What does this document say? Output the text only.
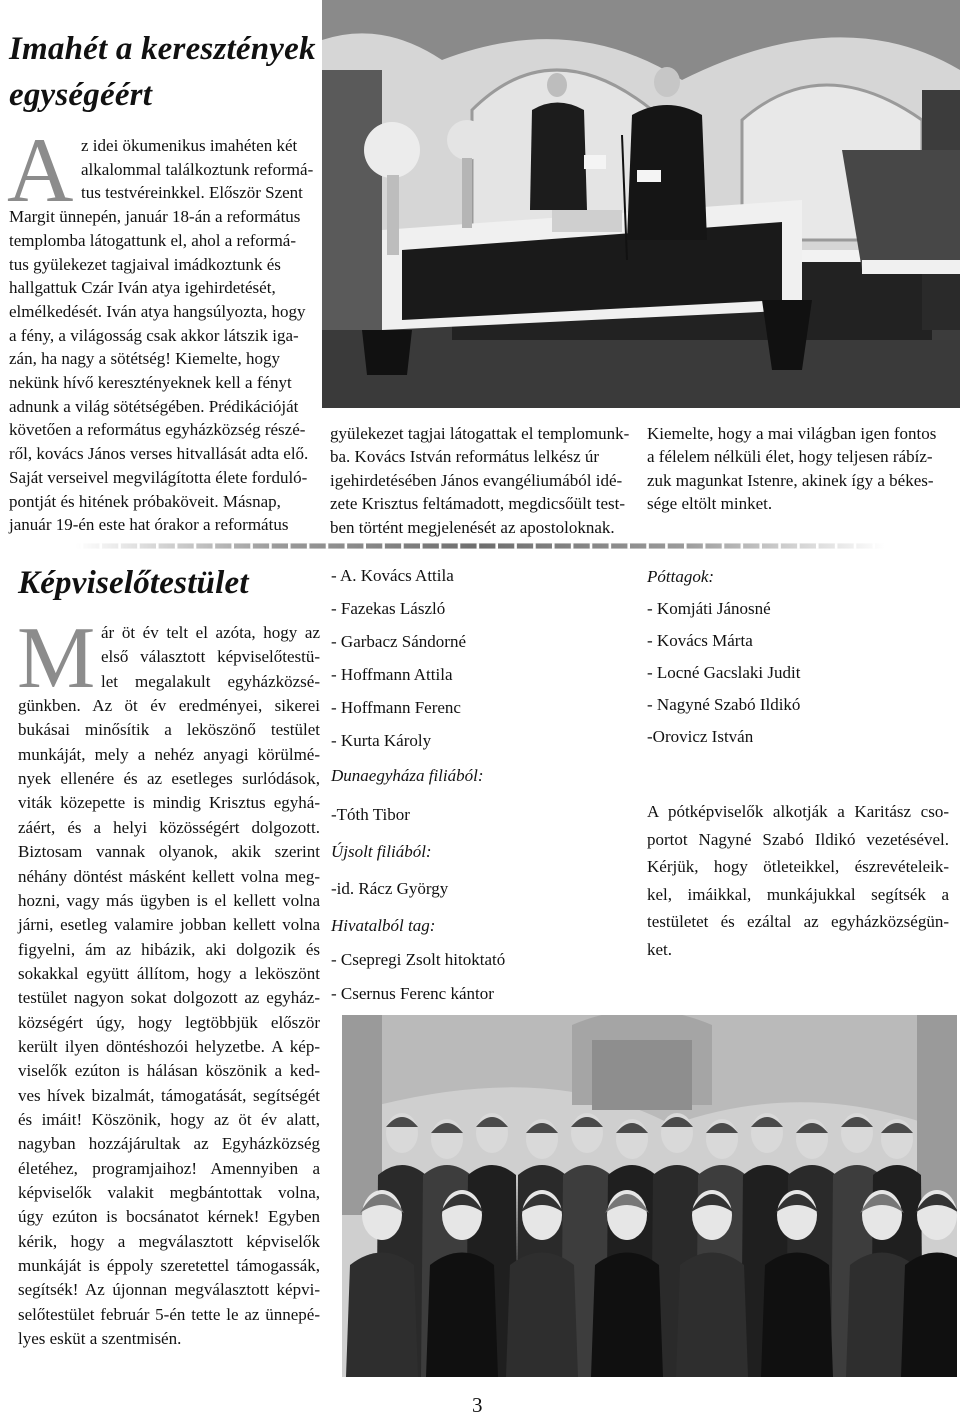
Imahét a keresztények
egységéért
A z idei ökumenikus imahéten két
alkalommal találkoztunk reformá-
tus testvéreinkkel. Először Szent
Margit ünnepén, január 18-án a református
templomba látogattunk el, ahol a reformá-
tus gyülekezet tagjaival imádkoztunk és
hallgattuk Czár Iván atya igehirdetését,
elmélkedését. Iván atya hangsúlyozta, hogy
a fény, a világosság csak akkor látszik iga-
zán, ha nagy a sötétség! Kiemelte, hogy
nekünk hívő keresztényeknek kell a fényt
adnunk a világ sötétségében. Prédikációját
követően a református egyházközség részé-
ről, kovács János verses hitvallását adta elő.
Saját verseivel megvilágította élete forduló-
pontját és hitének próbaköveit. Másnap,
január 19-én este hat órakor a református
gyülekezet tagjai látogattak el templomunk-
ba. Kovács István református lelkész úr
igehirdetésében János evangéliumából idé-
zete Krisztus feltámadott, megdicsőült test-
ben történt megjelenését az apostoloknak.
Kiemelte, hogy a mai világban igen fontos
a félelem nélküli élet, hogy teljesen rábíz-
zuk magunkat Istenre, akinek így a békes-
sége eltölt minket.
Képviselőtestület
M ár öt év telt el azóta, hogy az
első választott képviselőtestü-
let megalakult egyházközsé-
günkben. Az öt év eredményei, sikerei
bukásai minősítik a leköszönő testület
munkáját, mely a nehéz anyagi körülmé-
nyek ellenére és az esetleges surlódások,
viták közepette is mindig Krisztus egyhá-
záért, és a helyi közösségért dolgozott.
Biztosam vannak olyanok, akik szerint
néhány döntést másként kellett volna meg-
hozni, vagy más ügyben is el kellett volna
járni, esetleg valamire jobban kellett volna
figyelni, ám az hibázik, aki dolgozik és
sokakkal együtt állítom, hogy a leköszönt
testület nagyon sokat dolgozott az egyház-
községért úgy, hogy legtöbbjük először
került ilyen döntéshozói helyzetbe. A kép-
viselők ezúton is hálásan köszönik a ked-
ves hívek bizalmát, támogatását, segítségét
és imáit! Köszönik, hogy az öt év alatt,
nagyban hozzájárultak az Egyházközség
életéhez, programjaihoz! Amennyiben a
képviselők valakit megbántottak volna,
úgy ezúton is bocsánatot kérnek! Egyben
kérik, hogy a megválasztott képviselők
munkáját is éppoly szeretettel támogassák,
segítsék! Az újonnan megválasztott képvi-
selőtestület február 5-én tette le az ünnepé-
lyes esküt a szentmisén.
- A. Kovács Attila
- Fazekas László
- Garbacz Sándorné
- Hoffmann Attila
- Hoffmann Ferenc
- Kurta Károly
Dunaegyháza filiából:
-Tóth Tibor
Újsolt filiából:
-id. Rácz György
Hivatalból tag:
- Csepregi Zsolt hitoktató
- Csernus Ferenc kántor
Póttagok:
- Komjáti Jánosné
- Kovács Márta
- Locné Gacslaki Judit
- Nagyné Szabó Ildikó
-Orovicz István
A pótképviselők alkotják a Karitász cso-
portot Nagyné Szabó Ildikó vezetésével.
Kérjük, hogy ötleteikkel, észrevételeik-
kel, imáikkal, munkájukkal segítsék a
testületet és ezáltal az egyházközségün-
ket.
3
